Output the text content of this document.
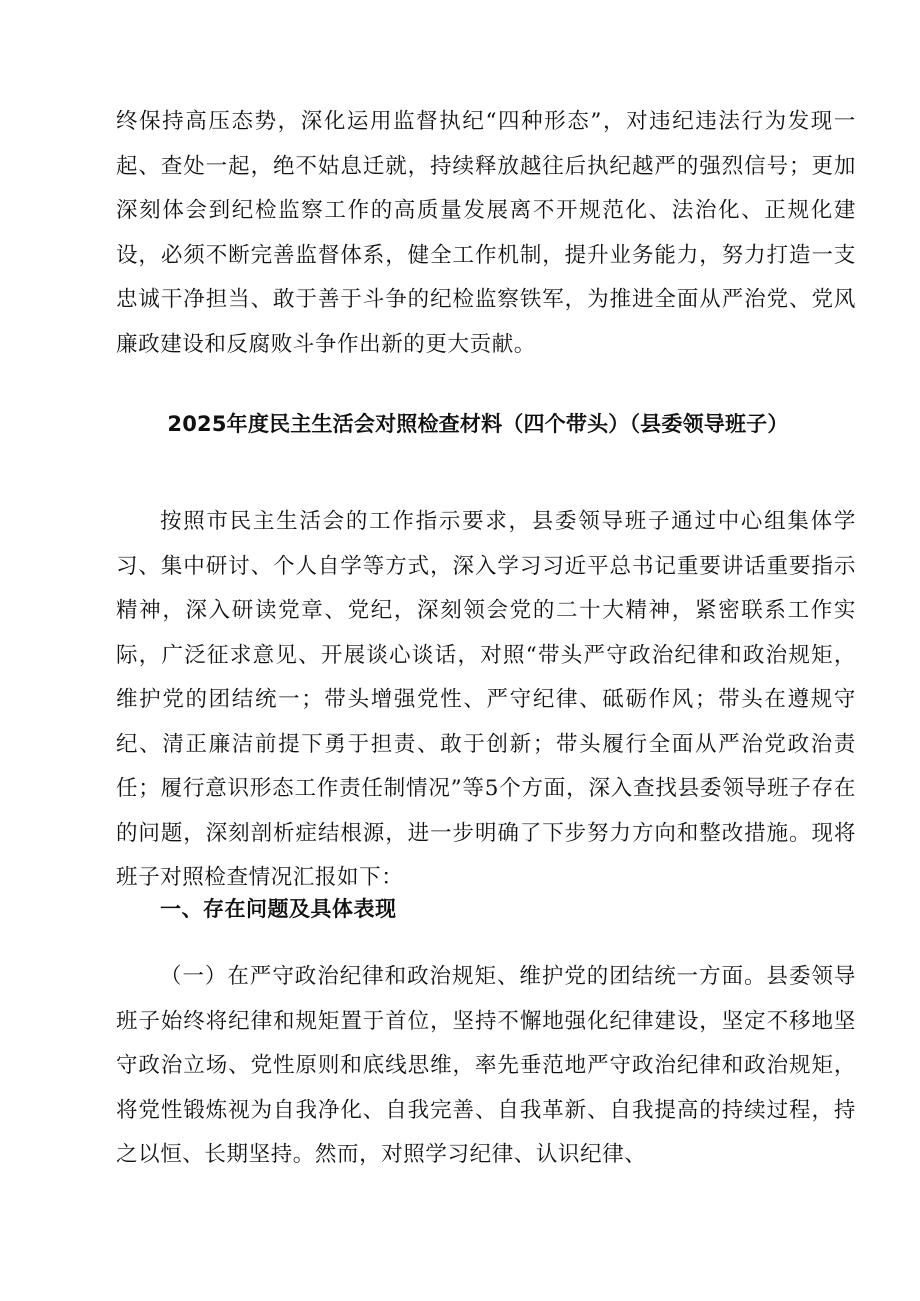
终保持高压态势，深化运用监督执纪“四种形态”，对违纪违法行为发现一起、查处一起，绝不姑息迁就，持续释放越往后执纪越严的强烈信号；更加深刻体会到纪检监察工作的高质量发展离不开规范化、法治化、正规化建设，必须不断完善监督体系，健全工作机制，提升业务能力，努力打造一支忠诚干净担当、敢于善于斗争的纪检监察铁军，为推进全面从严治党、党风廉政建设和反腐败斗争作出新的更大贡献。

2025年度民主生活会对照检查材料（四个带头）（县委领导班子）

按照市民主生活会的工作指示要求，县委领导班子通过中心组集体学习、集中研讨、个人自学等方式，深入学习习近平总书记重要讲话重要指示精神，深入研读党章、党纪，深刻领会党的二十大精神，紧密联系工作实际，广泛征求意见、开展谈心谈话，对照“带头严守政治纪律和政治规矩，维护党的团结统一；带头增强党性、严守纪律、砥砺作风；带头在遵规守纪、清正廉洁前提下勇于担责、敢于创新；带头履行全面从严治党政治责任；履行意识形态工作责任制情况”等5个方面，深入查找县委领导班子存在的问题，深刻剖析症结根源，进一步明确了下步努力方向和整改措施。现将班子对照检查情况汇报如下：

一、存在问题及具体表现

（一）在严守政治纪律和政治规矩、维护党的团结统一方面。县委领导班子始终将纪律和规矩置于首位，坚持不懈地强化纪律建设，坚定不移地坚守政治立场、党性原则和底线思维，率先垂范地严守政治纪律和政治规矩，将党性锻炼视为自我净化、自我完善、自我革新、自我提高的持续过程，持之以恒、长期坚持。然而，对照学习纪律、认识纪律、
